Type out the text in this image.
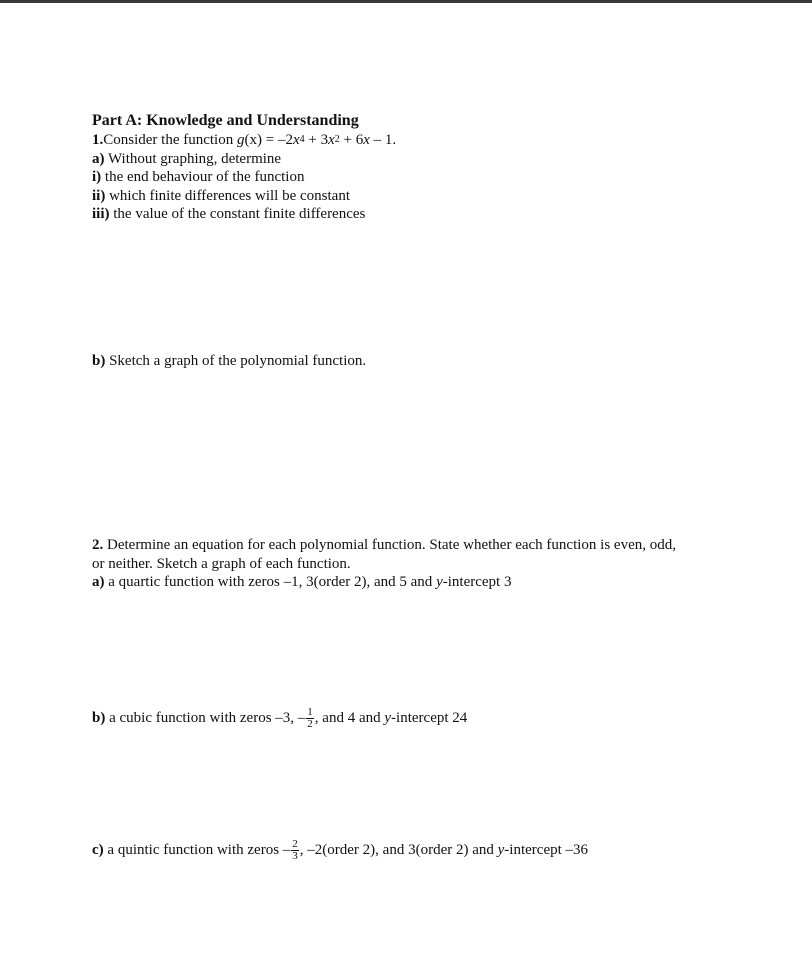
Part A: Knowledge and Understanding
1.Consider the function $g(x) = -2x^4 + 3x^2 + 6x - 1$.
a) Without graphing, determine
i) the end behaviour of the function
ii) which finite differences will be constant
iii) the value of the constant finite differences
b) Sketch a graph of the polynomial function.
2. Determine an equation for each polynomial function. State whether each function is even, odd,
or neither. Sketch a graph of each function.
a) a quartic function with zeros –1, 3(order 2), and 5 and y-intercept 3
b) a cubic function with zeros –3, – $\frac{1}{2}$ , and 4 and y-intercept 24
c) a quintic function with zeros – $\frac{2}{3}$ , –2(order 2), and 3(order 2) and y-intercept –36
